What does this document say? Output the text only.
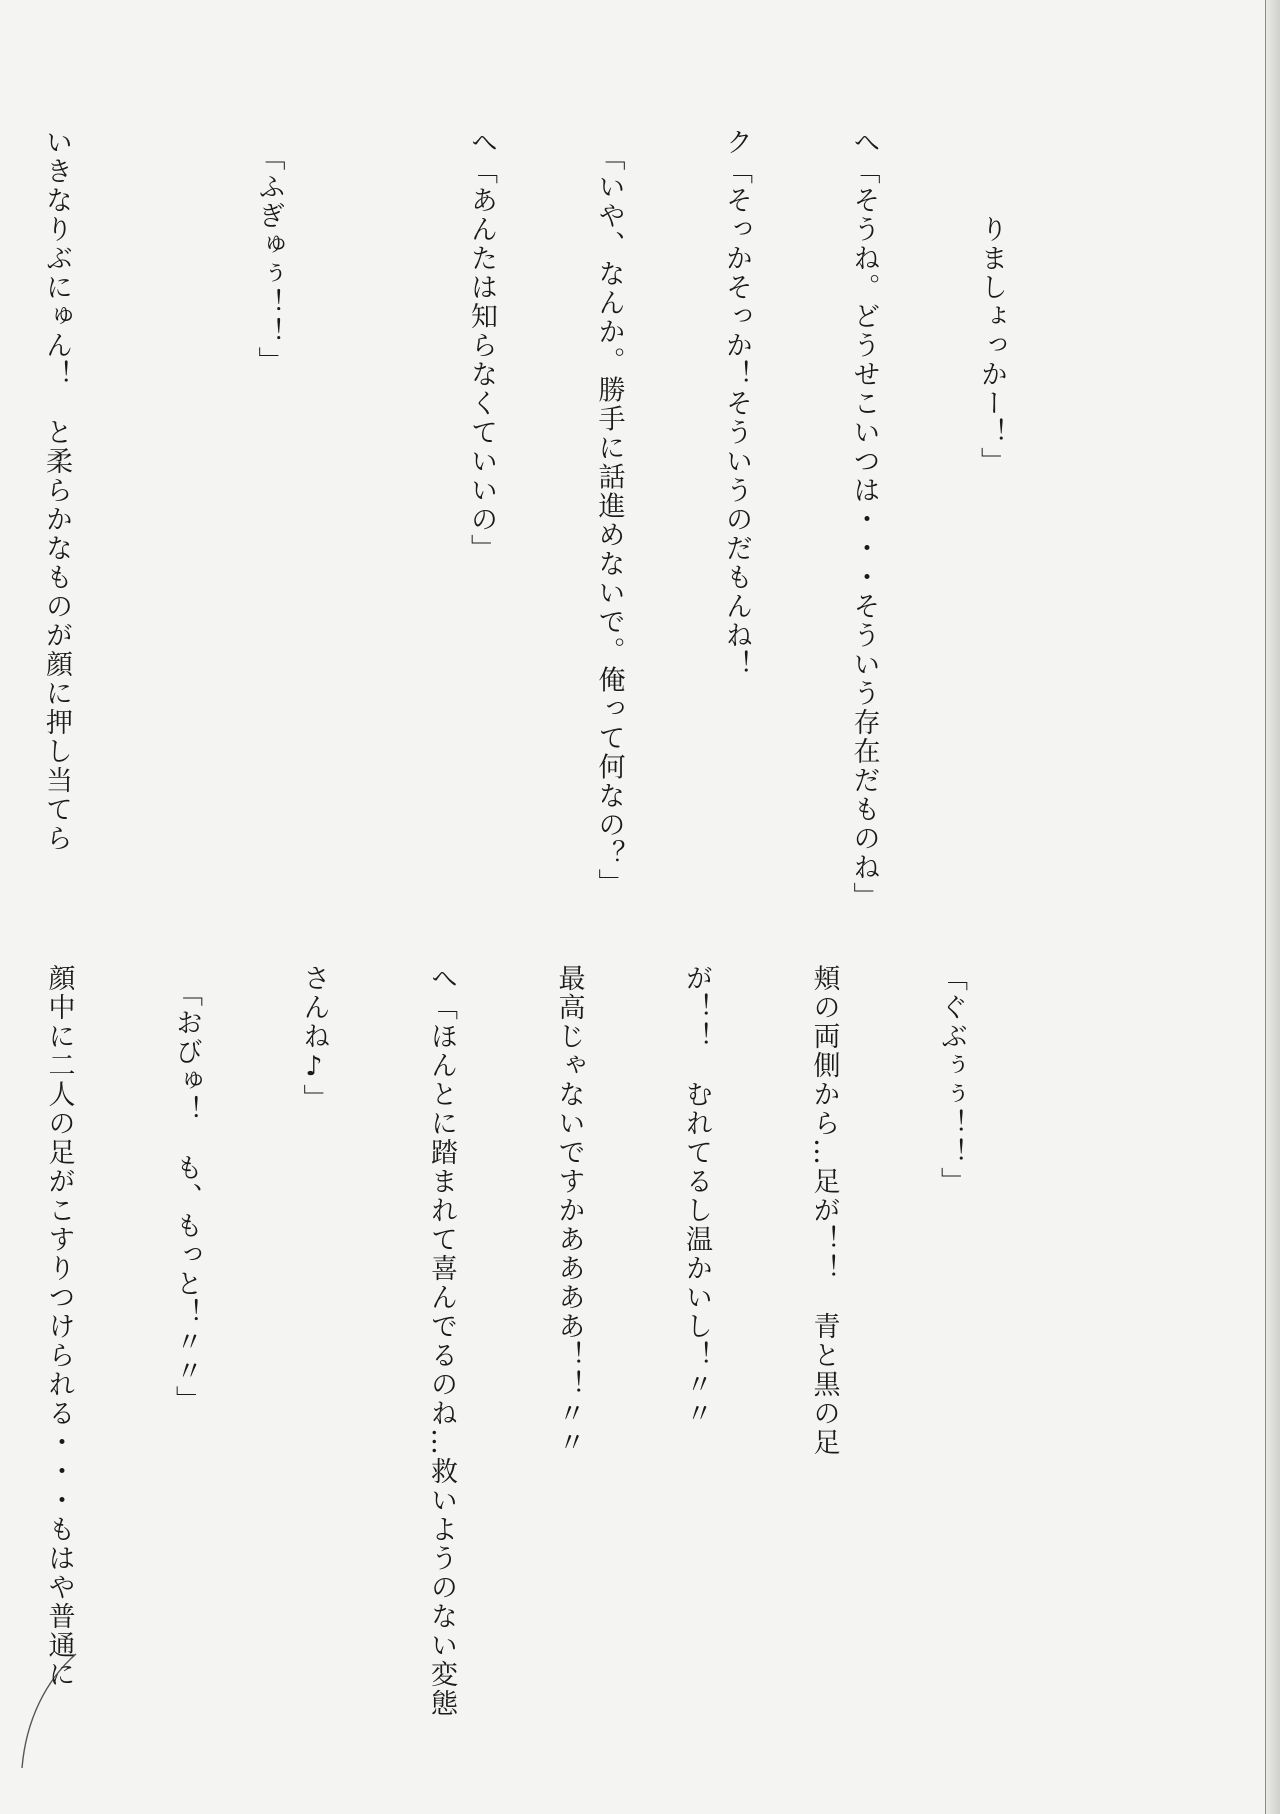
　　　りましょっかー！」

へ「そうね。どうせこいつは・・・そういう存在だものね」

ク「そっかそっか！そういうのだもんね！

　「いや、なんか。勝手に話進めないで。俺って何なの？」

へ「あんたは知らなくていいの」

　「ふぎゅぅ！！」

いきなりぶにゅん！　と柔らかなものが顔に押し当てら

「ぐぶぅぅ！！」

頬の両側から…足が！！　青と黒の足

が！！　むれてるし温かいし！〃〃

最高じゃないですかああああ！！〃〃

へ「ほんとに踏まれて喜んでるのね…救いようのない変態

さんね♪」

　「おびゅ！　も、もっと！〃〃」

顔中に二人の足がこすりつけられる・・・もはや普通に
